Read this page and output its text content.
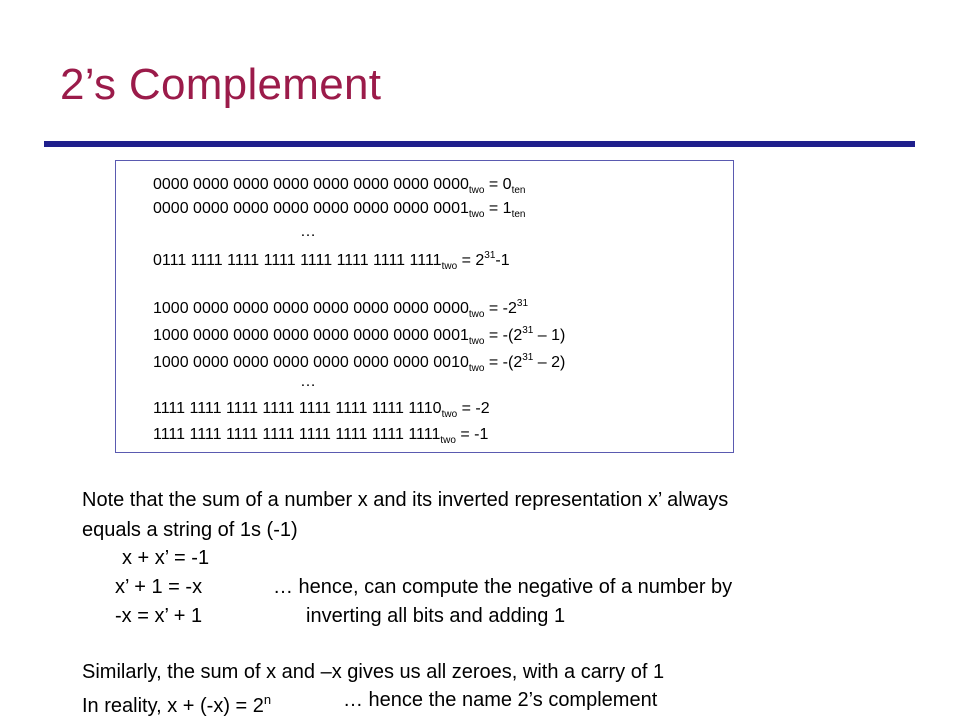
2’s Complement
0000 0000 0000 0000 0000 0000 0000 $0000_{two} = 0_{ten}$
0000 0000 0000 0000 0000 0000 0000 $0001_{two} = 1_{ten}$
…
0111 1111 1111 1111 1111 1111 1111 $1111_{two} = 2^{31}-1$
1000 0000 0000 0000 0000 0000 0000 $0000_{two} = -2^{31}$
1000 0000 0000 0000 0000 0000 0000 $0001_{two} = -(2^{31} - 1)$
1000 0000 0000 0000 0000 0000 0000 $0010_{two} = -(2^{31} - 2)$
…
1111 1111 1111 1111 1111 1111 1111 $1110_{two} = -2$
1111 1111 1111 1111 1111 1111 1111 $1111_{two} = -1$
Note that the sum of a number x and its inverted representation x’ always
equals a string of 1s (-1)
x + x’ = -1
x’ + 1 = -x	… hence, can compute the negative of a number by
-x = x’ + 1	inverting all bits and adding 1
Similarly, the sum of x and –x gives us all zeroes, with a carry of 1
In reality, $x + (-x) = 2^n$	… hence the name 2’s complement
